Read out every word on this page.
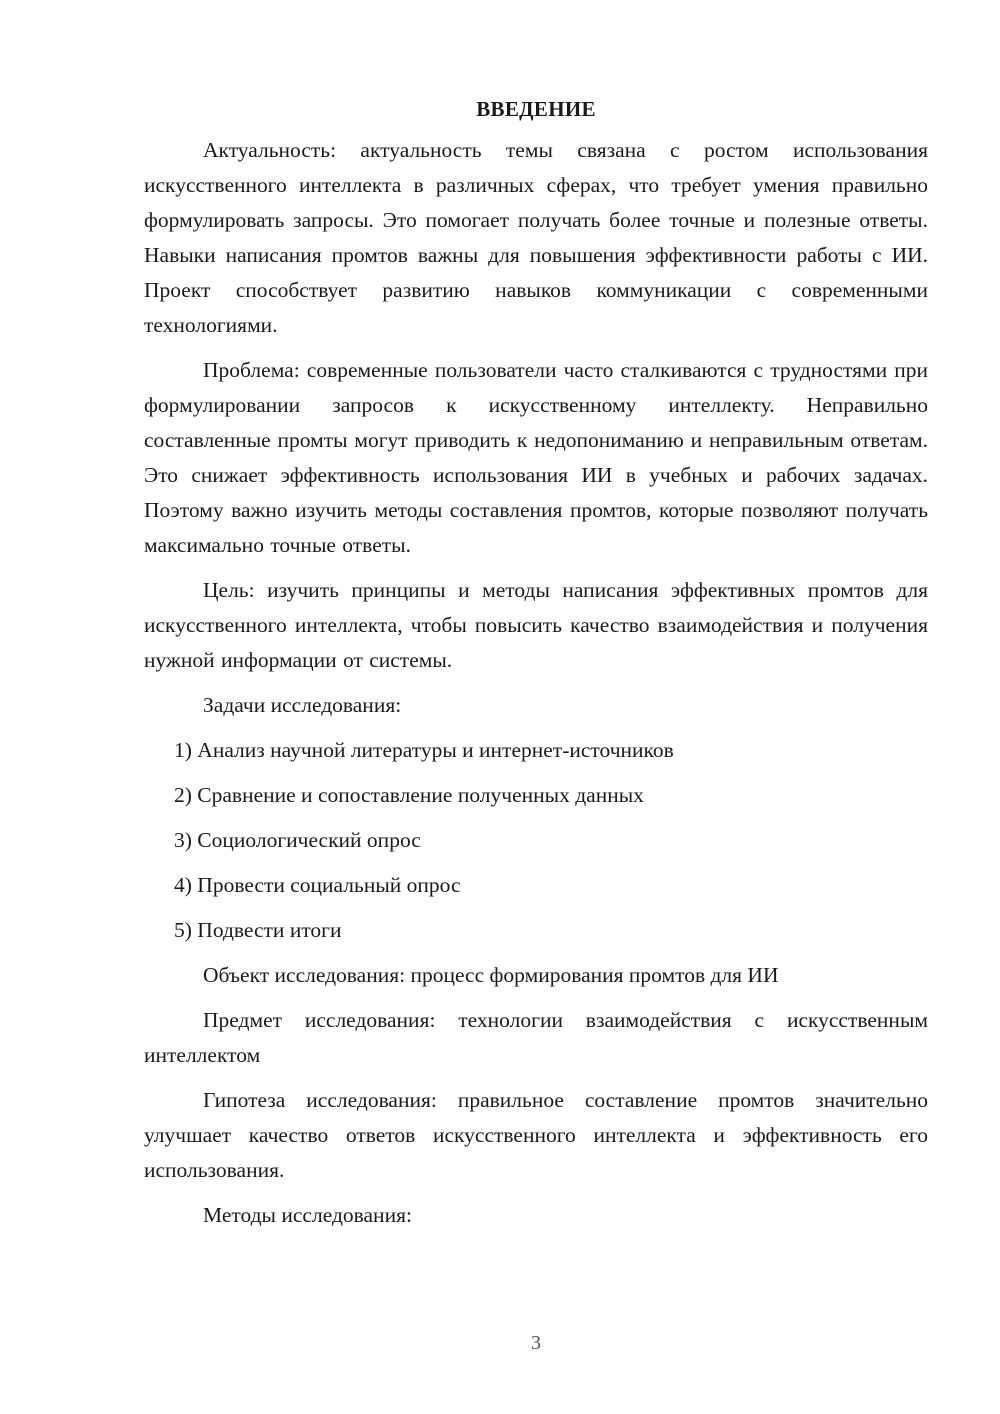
ВВЕДЕНИЕ

Актуальность: актуальность темы связана с ростом использования искусственного интеллекта в различных сферах, что требует умения правильно формулировать запросы. Это помогает получать более точные и полезные ответы. Навыки написания промтов важны для повышения эффективности работы с ИИ. Проект способствует развитию навыков коммуникации с современными технологиями.

Проблема: современные пользователи часто сталкиваются с трудностями при формулировании запросов к искусственному интеллекту. Неправильно составленные промты могут приводить к недопониманию и неправильным ответам. Это снижает эффективность использования ИИ в учебных и рабочих задачах. Поэтому важно изучить методы составления промтов, которые позволяют получать максимально точные ответы.

Цель: изучить принципы и методы написания эффективных промтов для искусственного интеллекта, чтобы повысить качество взаимодействия и получения нужной информации от системы.

Задачи исследования:

1) Анализ научной литературы и интернет-источников
2) Сравнение и сопоставление полученных данных
3) Социологический опрос
4) Провести социальный опрос
5) Подвести итоги

Объект исследования: процесс формирования промтов для ИИ

Предмет исследования: технологии взаимодействия с искусственным интеллектом

Гипотеза исследования: правильное составление промтов значительно улучшает качество ответов искусственного интеллекта и эффективность его использования.

Методы исследования:

3
